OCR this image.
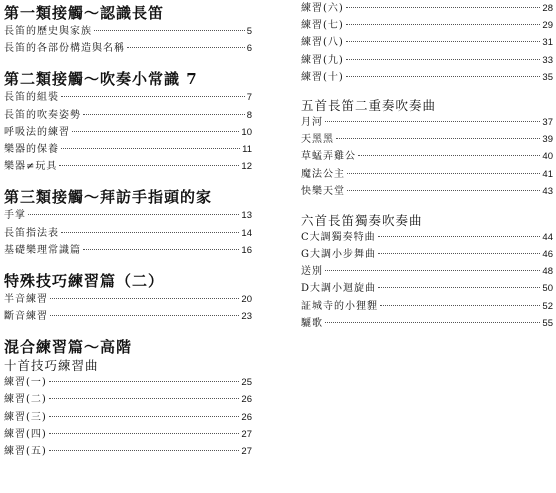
第一類接觸～認識長笛
長笛的歷史與家族	5
長笛的各部份構造與名稱	6
第二類接觸～吹奏小常識 7
長笛的組裝	7
長笛的吹奏姿勢	8
呼吸法的練習	10
樂器的保養	11
樂器≠玩具	12
第三類接觸～拜訪手指頭的家
手掌	13
長笛指法表	14
基礎樂理常識篇	16
特殊技巧練習篇（二）
半音練習	20
斷音練習	23
混合練習篇～高階
十首技巧練習曲
練習(一)	25
練習(二)	26
練習(三)	26
練習(四)	27
練習(五)	27
練習(六)	28
練習(七)	29
練習(八)	31
練習(九)	33
練習(十)	35
五首長笛二重奏吹奏曲
月河	37
天黑黑	39
草蜢弄雞公	40
魔法公主	41
快樂天堂	43
六首長笛獨奏吹奏曲
C大調獨奏特曲	44
G大調小步舞曲	46
送別	48
D大調小迴旋曲	50
証城寺的小狸貍	52
驪歌	55
